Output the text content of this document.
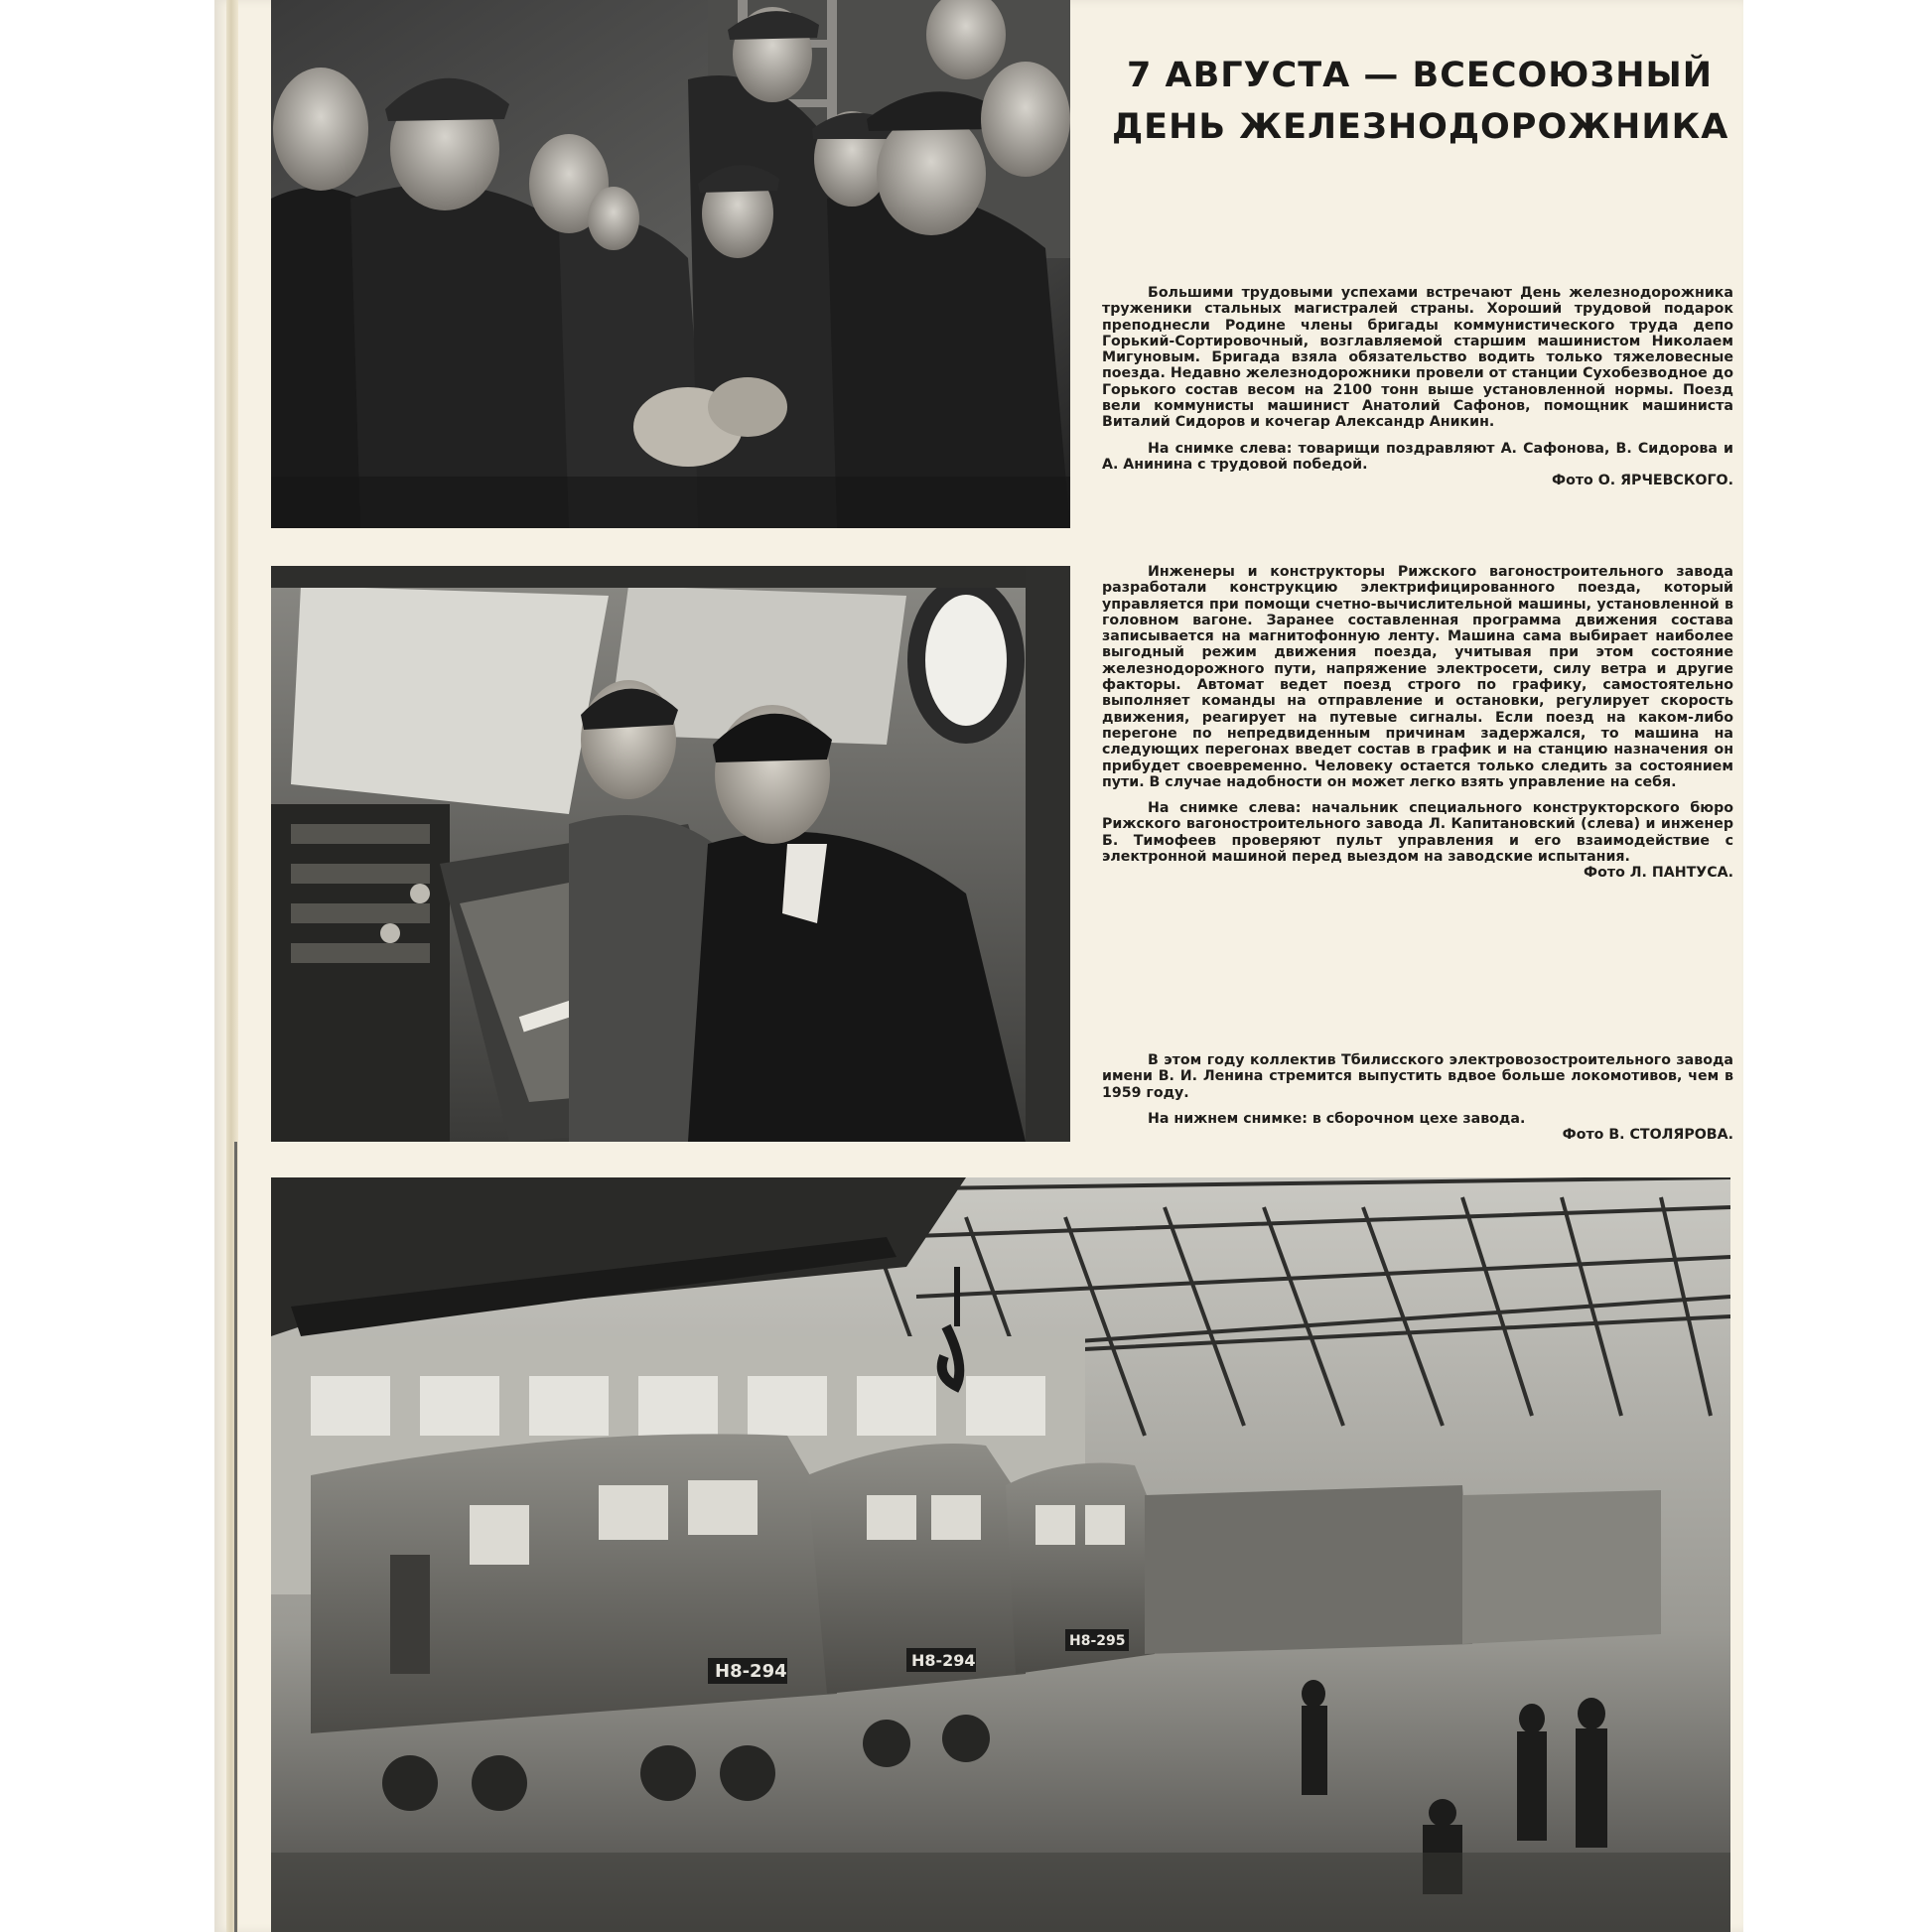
7 АВГУСТА — ВСЕСОЮЗНЫЙ
ДЕНЬ ЖЕЛЕЗНОДОРОЖНИКА

Большими трудовыми успехами встречают День железнодорожника труженики стальных магистралей страны. Хороший трудовой подарок преподнесли Родине члены бригады коммунистического труда депо Горький-Сортировочный, возглавляемой старшим машинистом Николаем Мигуновым. Бригада взяла обязательство водить только тяжеловесные поезда. Недавно железнодорожники провели от станции Сухобезводное до Горького состав весом на 2100 тонн выше установленной нормы. Поезд вели коммунисты машинист Анатолий Сафонов, помощник машиниста Виталий Сидоров и кочегар Александр Аникин.

На снимке слева: товарищи поздравляют А. Сафонова, В. Сидорова и А. Анинина с трудовой победой.

Фото О. ЯРЧЕВСКОГО.

Инженеры и конструкторы Рижского вагоностроительного завода разработали конструкцию электрифицированного поезда, который управляется при помощи счетно-вычислительной машины, установленной в головном вагоне. Заранее составленная программа движения состава записывается на магнитофонную ленту. Машина сама выбирает наиболее выгодный режим движения поезда, учитывая при этом состояние железнодорожного пути, напряжение электросети, силу ветра и другие факторы. Автомат ведет поезд строго по графику, самостоятельно выполняет команды на отправление и остановки, регулирует скорость движения, реагирует на путевые сигналы. Если поезд на каком-либо перегоне по непредвиденным причинам задержался, то машина на следующих перегонах введет состав в график и на станцию назначения он прибудет своевременно. Человеку остается только следить за состоянием пути. В случае надобности он может легко взять управление на себя.

На снимке слева: начальник специального конструкторского бюро Рижского вагоностроительного завода Л. Капитановский (слева) и инженер Б. Тимофеев проверяют пульт управления и его взаимодействие с электронной машиной перед выездом на заводские испытания.

Фото Л. ПАНТУСА.

В этом году коллектив Тбилисского электровозостроительного завода имени В. И. Ленина стремится выпустить вдвое больше локомотивов, чем в 1959 году.

На нижнем снимке: в сборочном цехе завода.

Фото В. СТОЛЯРОВА.

Н8-294
Н8-294
Н8-295
